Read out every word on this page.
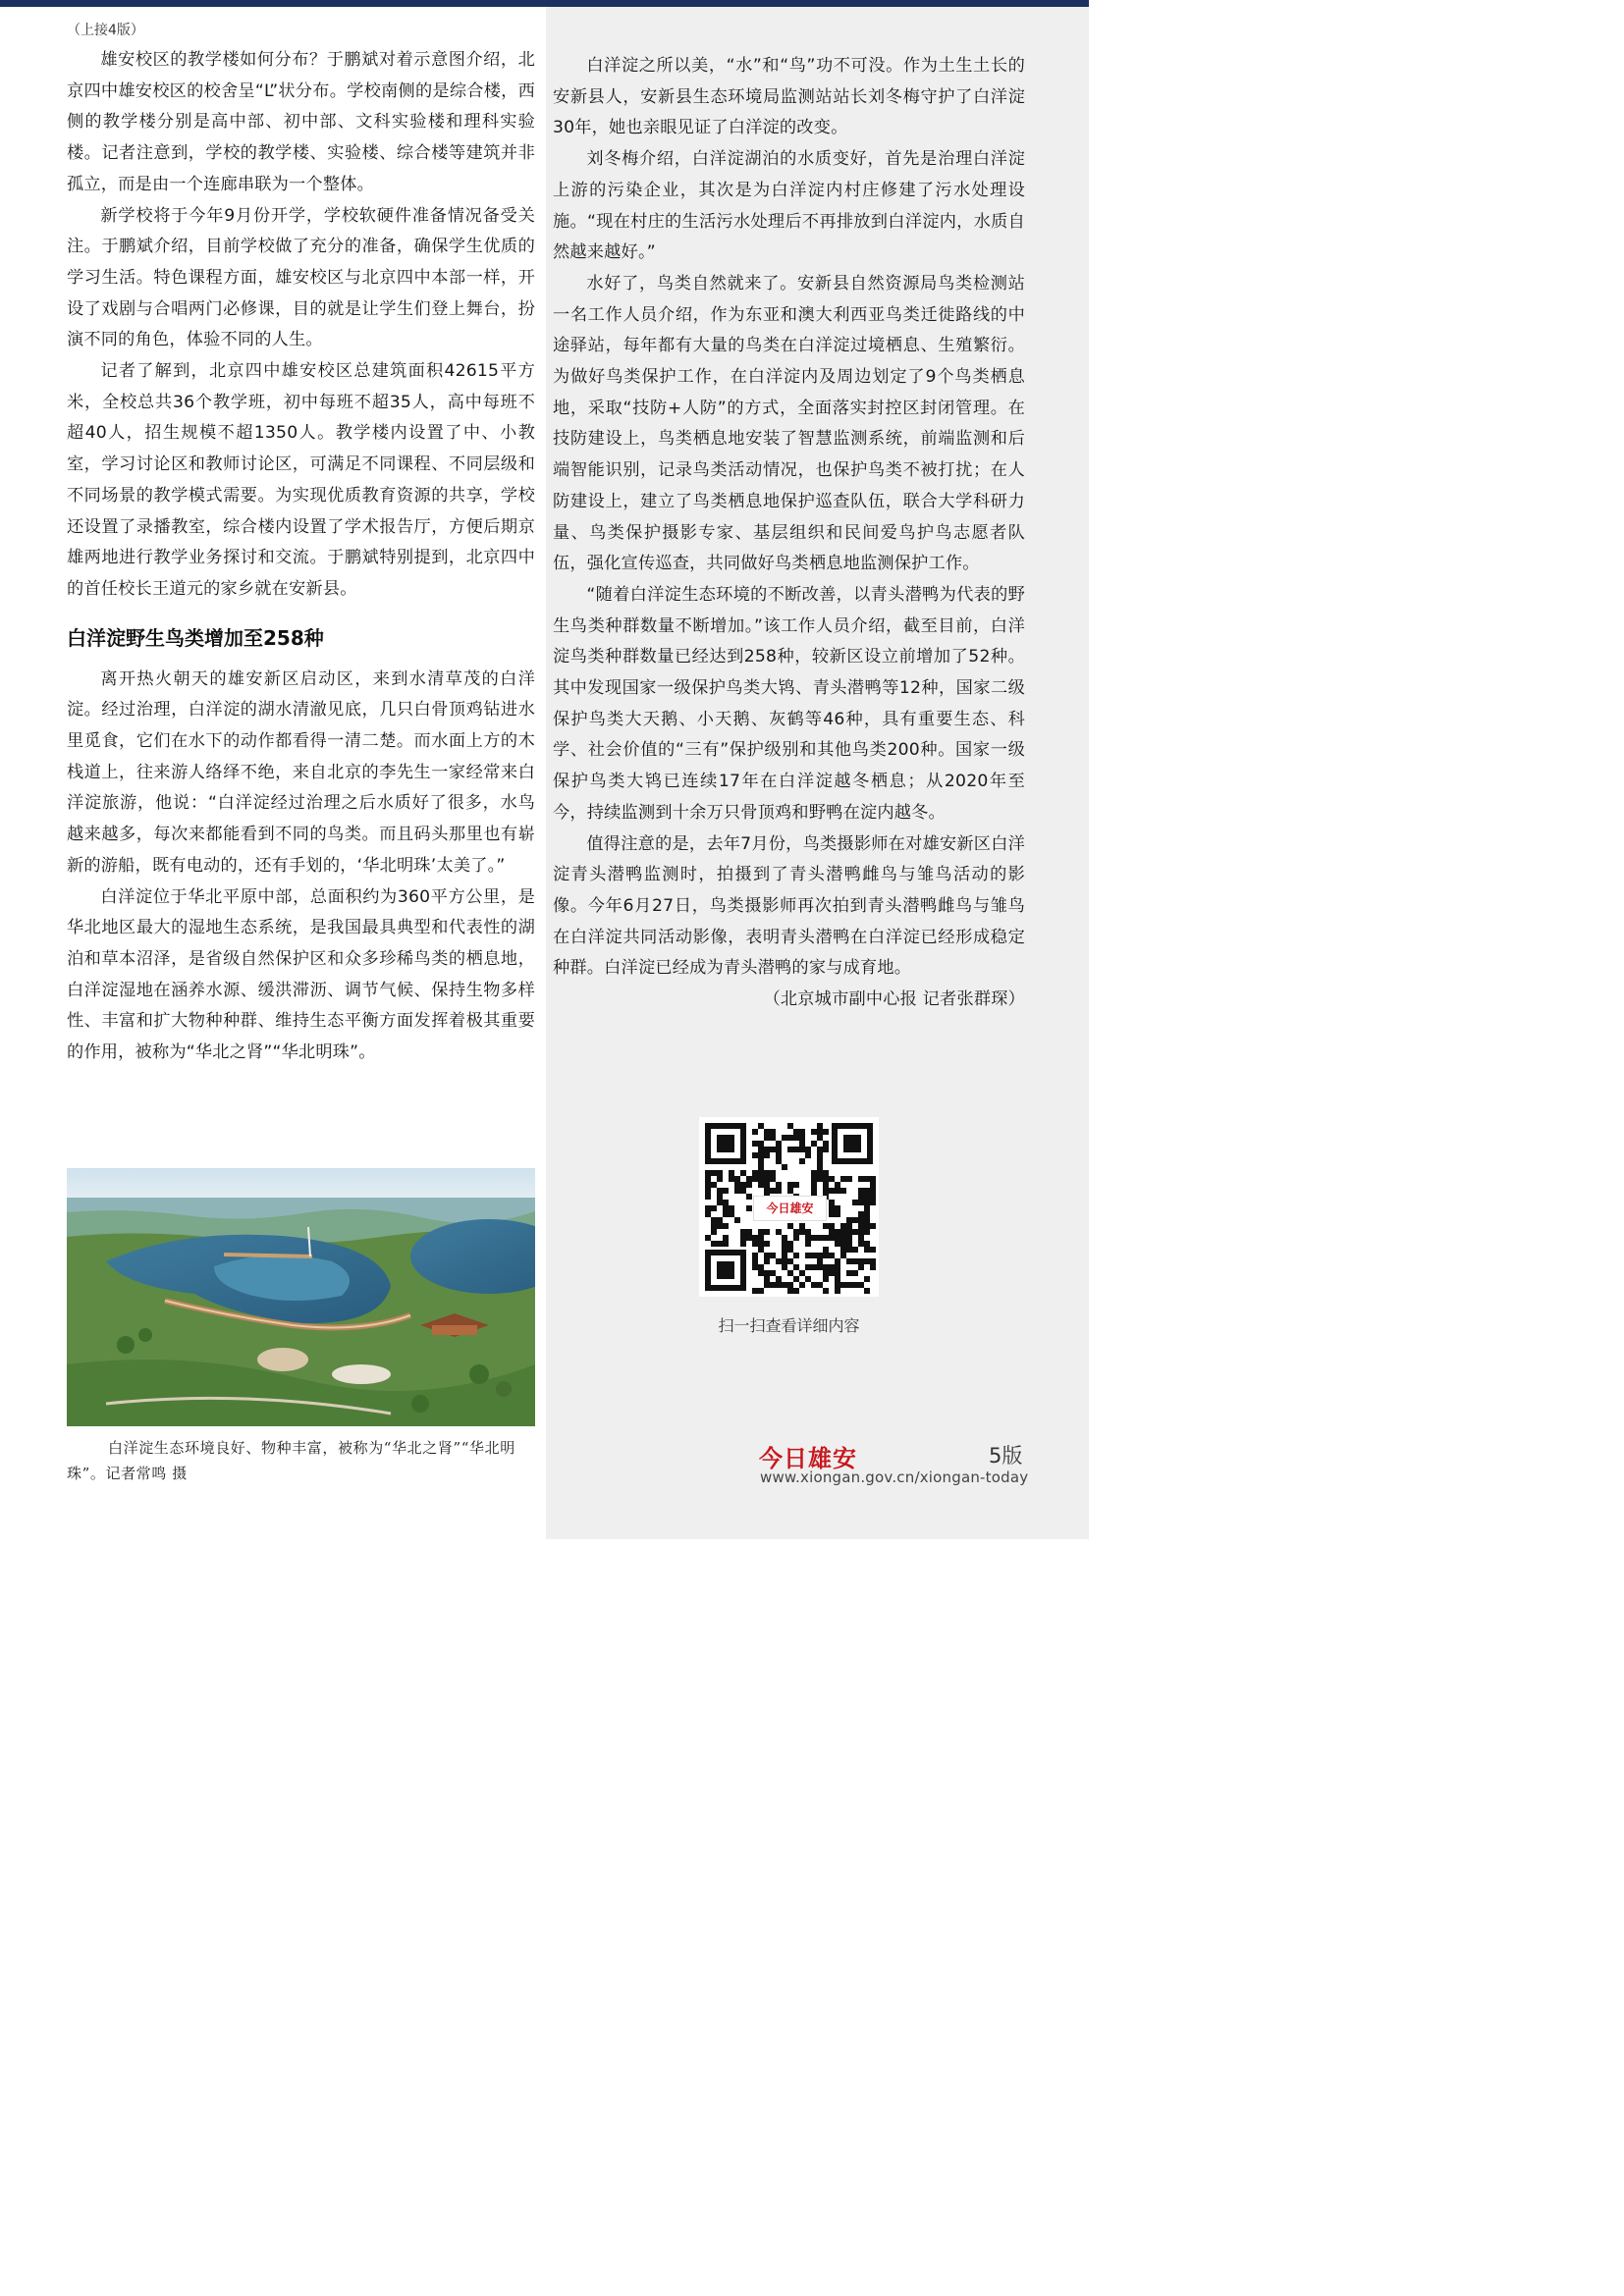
（上接4版）

雄安校区的教学楼如何分布？于鹏斌对着示意图介绍，北京四中雄安校区的校舍呈“L”状分布。学校南侧的是综合楼，西侧的教学楼分别是高中部、初中部、文科实验楼和理科实验楼。记者注意到，学校的教学楼、实验楼、综合楼等建筑并非孤立，而是由一个连廊串联为一个整体。

新学校将于今年9月份开学，学校软硬件准备情况备受关注。于鹏斌介绍，目前学校做了充分的准备，确保学生优质的学习生活。特色课程方面，雄安校区与北京四中本部一样，开设了戏剧与合唱两门必修课，目的就是让学生们登上舞台，扮演不同的角色，体验不同的人生。

记者了解到，北京四中雄安校区总建筑面积42615平方米，全校总共36个教学班，初中每班不超35人，高中每班不超40人，招生规模不超1350人。教学楼内设置了中、小教室，学习讨论区和教师讨论区，可满足不同课程、不同层级和不同场景的教学模式需要。为实现优质教育资源的共享，学校还设置了录播教室，综合楼内设置了学术报告厅，方便后期京雄两地进行教学业务探讨和交流。于鹏斌特别提到，北京四中的首任校长王道元的家乡就在安新县。

白洋淀野生鸟类增加至258种

离开热火朝天的雄安新区启动区，来到水清草茂的白洋淀。经过治理，白洋淀的湖水清澈见底，几只白骨顶鸡钻进水里觅食，它们在水下的动作都看得一清二楚。而水面上方的木栈道上，往来游人络绎不绝，来自北京的李先生一家经常来白洋淀旅游，他说：“白洋淀经过治理之后水质好了很多，水鸟越来越多，每次来都能看到不同的鸟类。而且码头那里也有崭新的游船，既有电动的，还有手划的，‘华北明珠’太美了。”

白洋淀位于华北平原中部，总面积约为360平方公里，是华北地区最大的湿地生态系统，是我国最具典型和代表性的湖泊和草本沼泽，是省级自然保护区和众多珍稀鸟类的栖息地，白洋淀湿地在涵养水源、缓洪滞沥、调节气候、保持生物多样性、丰富和扩大物种种群、维持生态平衡方面发挥着极其重要的作用，被称为“华北之肾”“华北明珠”。

白洋淀生态环境良好、物种丰富，被称为“华北之肾”“华北明珠”。记者常鸣 摄

白洋淀之所以美，“水”和“鸟”功不可没。作为土生土长的安新县人，安新县生态环境局监测站站长刘冬梅守护了白洋淀30年，她也亲眼见证了白洋淀的改变。

刘冬梅介绍，白洋淀湖泊的水质变好，首先是治理白洋淀上游的污染企业，其次是为白洋淀内村庄修建了污水处理设施。“现在村庄的生活污水处理后不再排放到白洋淀内，水质自然越来越好。”

水好了，鸟类自然就来了。安新县自然资源局鸟类检测站一名工作人员介绍，作为东亚和澳大利西亚鸟类迁徙路线的中途驿站，每年都有大量的鸟类在白洋淀过境栖息、生殖繁衍。为做好鸟类保护工作，在白洋淀内及周边划定了9个鸟类栖息地，采取“技防+人防”的方式，全面落实封控区封闭管理。在技防建设上，鸟类栖息地安装了智慧监测系统，前端监测和后端智能识别，记录鸟类活动情况，也保护鸟类不被打扰；在人防建设上，建立了鸟类栖息地保护巡查队伍，联合大学科研力量、鸟类保护摄影专家、基层组织和民间爱鸟护鸟志愿者队伍，强化宣传巡查，共同做好鸟类栖息地监测保护工作。

“随着白洋淀生态环境的不断改善，以青头潜鸭为代表的野生鸟类种群数量不断增加。”该工作人员介绍，截至目前，白洋淀鸟类种群数量已经达到258种，较新区设立前增加了52种。其中发现国家一级保护鸟类大鸨、青头潜鸭等12种，国家二级保护鸟类大天鹅、小天鹅、灰鹤等46种，具有重要生态、科学、社会价值的“三有”保护级别和其他鸟类200种。国家一级保护鸟类大鸨已连续17年在白洋淀越冬栖息；从2020年至今，持续监测到十余万只骨顶鸡和野鸭在淀内越冬。

值得注意的是，去年7月份，鸟类摄影师在对雄安新区白洋淀青头潜鸭监测时，拍摄到了青头潜鸭雌鸟与雏鸟活动的影像。今年6月27日，鸟类摄影师再次拍到青头潜鸭雌鸟与雏鸟在白洋淀共同活动影像，表明青头潜鸭在白洋淀已经形成稳定种群。白洋淀已经成为青头潜鸭的家与成育地。

（北京城市副中心报 记者张群琛）

今日雄安
扫一扫查看详细内容
今日雄安	5版
www.xiongan.gov.cn/xiongan-today
